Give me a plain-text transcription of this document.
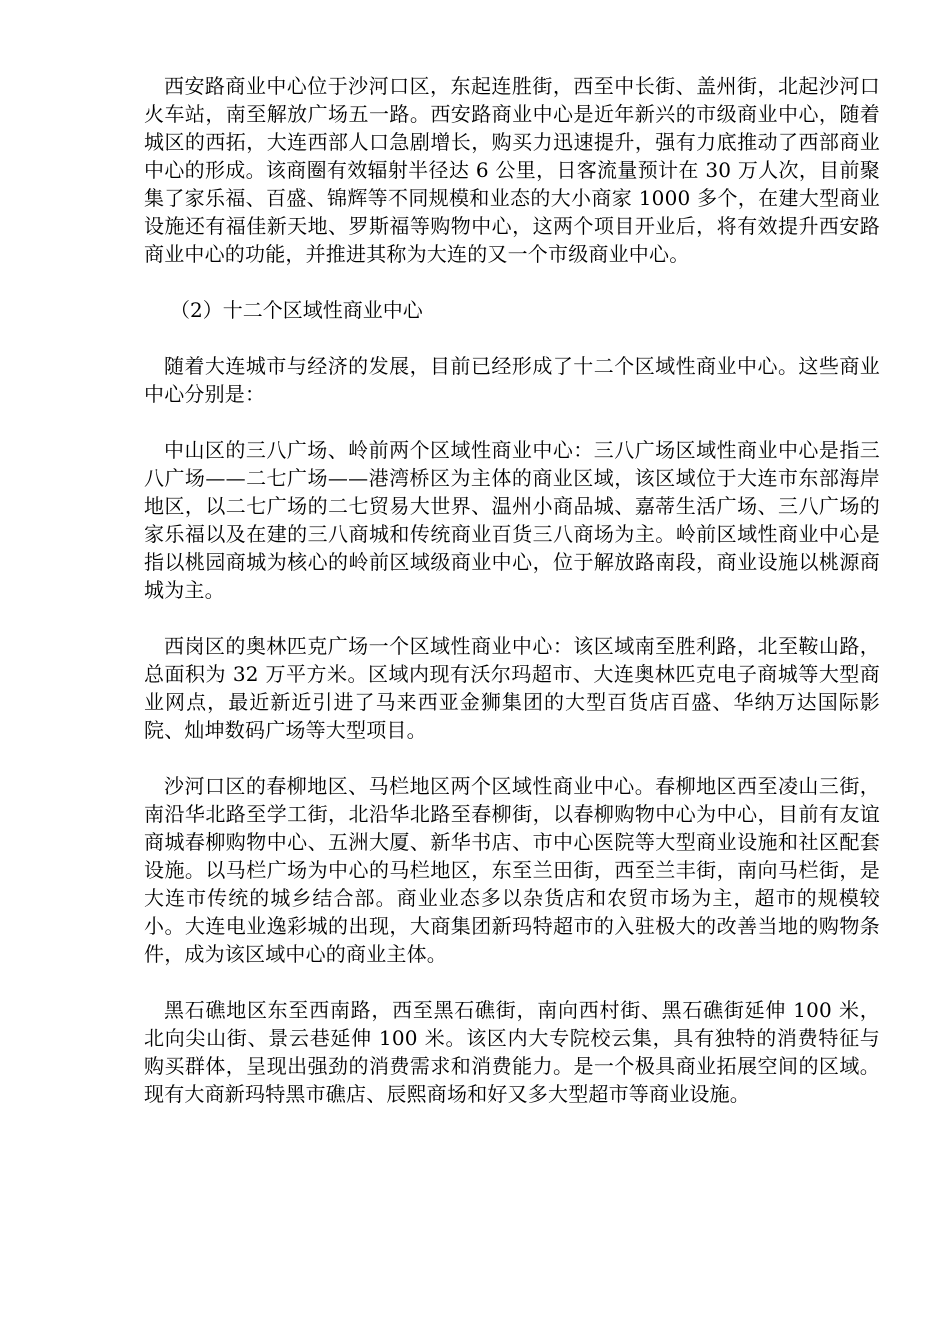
西安路商业中心位于沙河口区，东起连胜街，西至中长街、盖州街，北起沙河口火车站，南至解放广场五一路。西安路商业中心是近年新兴的市级商业中心，随着城区的西拓，大连西部人口急剧增长，购买力迅速提升，强有力底推动了西部商业中心的形成。该商圈有效辐射半径达 6 公里，日客流量预计在 30 万人次，目前聚集了家乐福、百盛、锦辉等不同规模和业态的大小商家 1000 多个，在建大型商业设施还有福佳新天地、罗斯福等购物中心，这两个项目开业后，将有效提升西安路商业中心的功能，并推进其称为大连的又一个市级商业中心。

（2）十二个区域性商业中心

随着大连城市与经济的发展，目前已经形成了十二个区域性商业中心。这些商业中心分别是：

中山区的三八广场、岭前两个区域性商业中心：三八广场区域性商业中心是指三八广场——二七广场——港湾桥区为主体的商业区域，该区域位于大连市东部海岸地区，以二七广场的二七贸易大世界、温州小商品城、嘉蒂生活广场、三八广场的家乐福以及在建的三八商城和传统商业百货三八商场为主。岭前区域性商业中心是指以桃园商城为核心的岭前区域级商业中心，位于解放路南段，商业设施以桃源商城为主。

西岗区的奥林匹克广场一个区域性商业中心：该区域南至胜利路，北至鞍山路，总面积为 32 万平方米。区域内现有沃尔玛超市、大连奥林匹克电子商城等大型商业网点，最近新近引进了马来西亚金狮集团的大型百货店百盛、华纳万达国际影院、灿坤数码广场等大型项目。

沙河口区的春柳地区、马栏地区两个区域性商业中心。春柳地区西至凌山三街，南沿华北路至学工街，北沿华北路至春柳街，以春柳购物中心为中心，目前有友谊商城春柳购物中心、五洲大厦、新华书店、市中心医院等大型商业设施和社区配套设施。以马栏广场为中心的马栏地区，东至兰田街，西至兰丰街，南向马栏街，是大连市传统的城乡结合部。商业业态多以杂货店和农贸市场为主，超市的规模较小。大连电业逸彩城的出现，大商集团新玛特超市的入驻极大的改善当地的购物条件，成为该区域中心的商业主体。

黑石礁地区东至西南路，西至黑石礁街，南向西村街、黑石礁街延伸 100 米，北向尖山街、景云巷延伸 100 米。该区内大专院校云集，具有独特的消费特征与购买群体，呈现出强劲的消费需求和消费能力。是一个极具商业拓展空间的区域。现有大商新玛特黑市礁店、辰熙商场和好又多大型超市等商业设施。
